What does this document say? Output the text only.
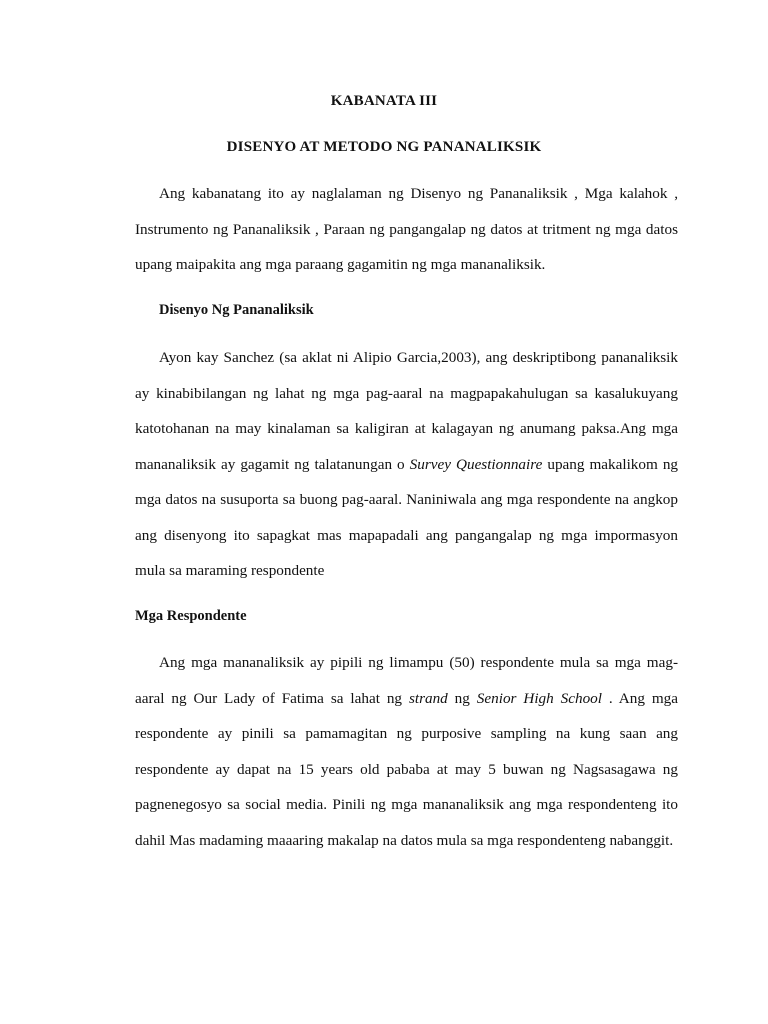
KABANATA III
DISENYO AT METODO NG PANANALIKSIK

Ang kabanatang ito ay naglalaman ng Disenyo ng Pananaliksik , Mga kalahok , Instrumento ng Pananaliksik , Paraan ng pangangalap ng datos at tritment ng mga datos upang maipakita ang mga paraang gagamitin ng mga mananaliksik.

Disenyo Ng Pananaliksik

Ayon kay Sanchez (sa aklat ni Alipio Garcia,2003), ang deskriptibong pananaliksik ay kinabibilangan ng lahat ng mga pag-aaral na magpapakahulugan sa kasalukuyang katotohanan na may kinalaman sa kaligiran at kalagayan ng anumang paksa.Ang mga mananaliksik ay gagamit ng talatanungan o Survey Questionnaire upang makalikom ng mga datos na susuporta sa buong pag-aaral. Naniniwala ang mga respondente na angkop ang disenyong ito sapagkat mas mapapadali ang pangangalap ng mga impormasyon mula sa maraming respondente

Mga Respondente

Ang mga mananaliksik ay pipili ng limampu (50) respondente mula sa mga mag-aaral ng Our Lady of Fatima sa lahat ng strand ng Senior High School . Ang mga respondente ay pinili sa pamamagitan ng purposive sampling na kung saan ang respondente ay dapat na 15 years old pababa at may 5 buwan ng Nagsasagawa ng pagnenegosyo sa social media. Pinili ng mga mananaliksik ang mga respondenteng ito dahil Mas madaming maaaring makalap na datos mula sa mga respondenteng nabanggit.
